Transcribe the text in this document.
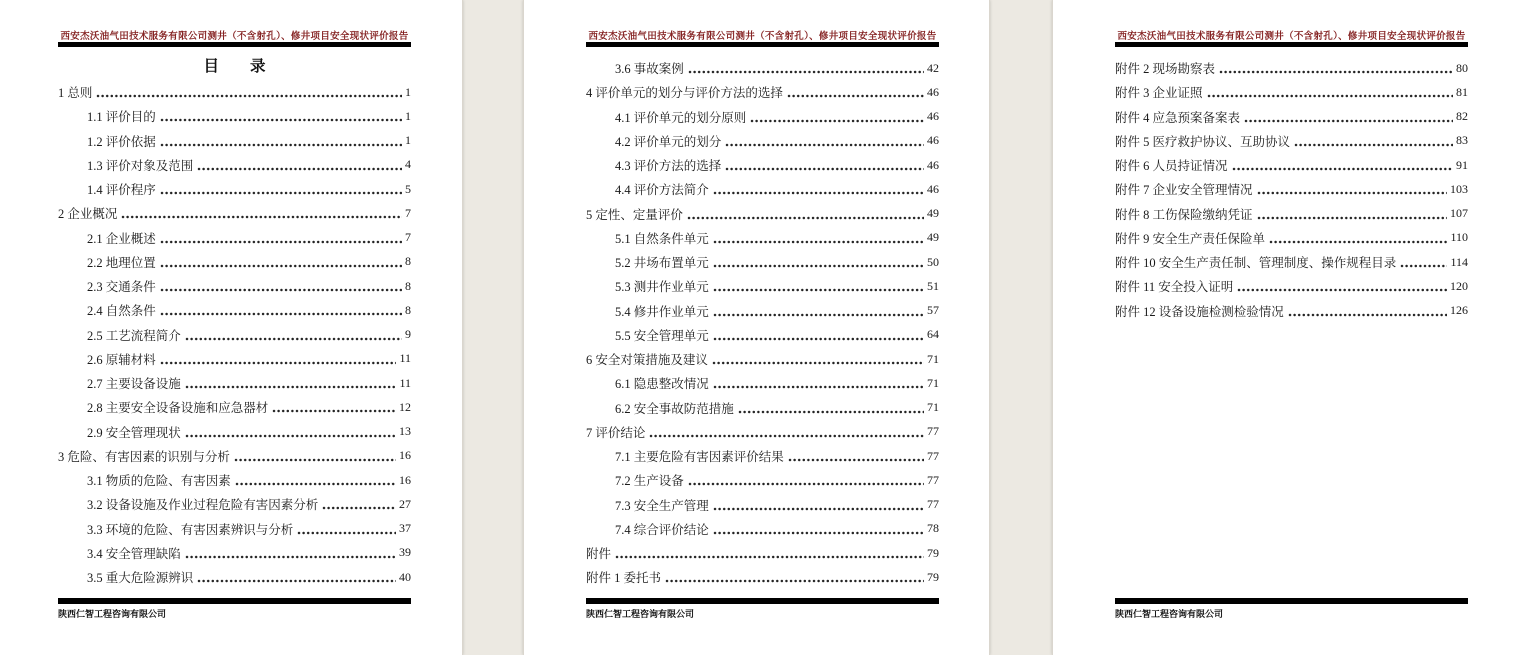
西安杰沃油气田技术服务有限公司测井（不含射孔）、修井项目安全现状评价报告
目　　录
1 总则	1
1.1 评价目的	1
1.2 评价依据	1
1.3 评价对象及范围	4
1.4 评价程序	5
2 企业概况	7
2.1 企业概述	7
2.2 地理位置	8
2.3 交通条件	8
2.4 自然条件	8
2.5 工艺流程简介	9
2.6 原辅材料	11
2.7 主要设备设施	11
2.8 主要安全设备设施和应急器材	12
2.9 安全管理现状	13
3 危险、有害因素的识别与分析	16
3.1 物质的危险、有害因素	16
3.2 设备设施及作业过程危险有害因素分析	27
3.3 环境的危险、有害因素辨识与分析	37
3.4 安全管理缺陷	39
3.5 重大危险源辨识	40
陕西仁智工程咨询有限公司
西安杰沃油气田技术服务有限公司测井（不含射孔）、修井项目安全现状评价报告
3.6 事故案例	42
4 评价单元的划分与评价方法的选择	46
4.1 评价单元的划分原则	46
4.2 评价单元的划分	46
4.3 评价方法的选择	46
4.4 评价方法简介	46
5 定性、定量评价	49
5.1 自然条件单元	49
5.2 井场布置单元	50
5.3 测井作业单元	51
5.4 修井作业单元	57
5.5 安全管理单元	64
6 安全对策措施及建议	71
6.1 隐患整改情况	71
6.2 安全事故防范措施	71
7 评价结论	77
7.1 主要危险有害因素评价结果	77
7.2 生产设备	77
7.3 安全生产管理	77
7.4 综合评价结论	78
附件	79
附件 1 委托书	79
陕西仁智工程咨询有限公司
西安杰沃油气田技术服务有限公司测井（不含射孔）、修井项目安全现状评价报告
附件 2 现场勘察表	80
附件 3 企业证照	81
附件 4 应急预案备案表	82
附件 5 医疗救护协议、互助协议	83
附件 6 人员持证情况	91
附件 7 企业安全管理情况	103
附件 8 工伤保险缴纳凭证	107
附件 9 安全生产责任保险单	110
附件 10 安全生产责任制、管理制度、操作规程目录	114
附件 11 安全投入证明	120
附件 12 设备设施检测检验情况	126
陕西仁智工程咨询有限公司
